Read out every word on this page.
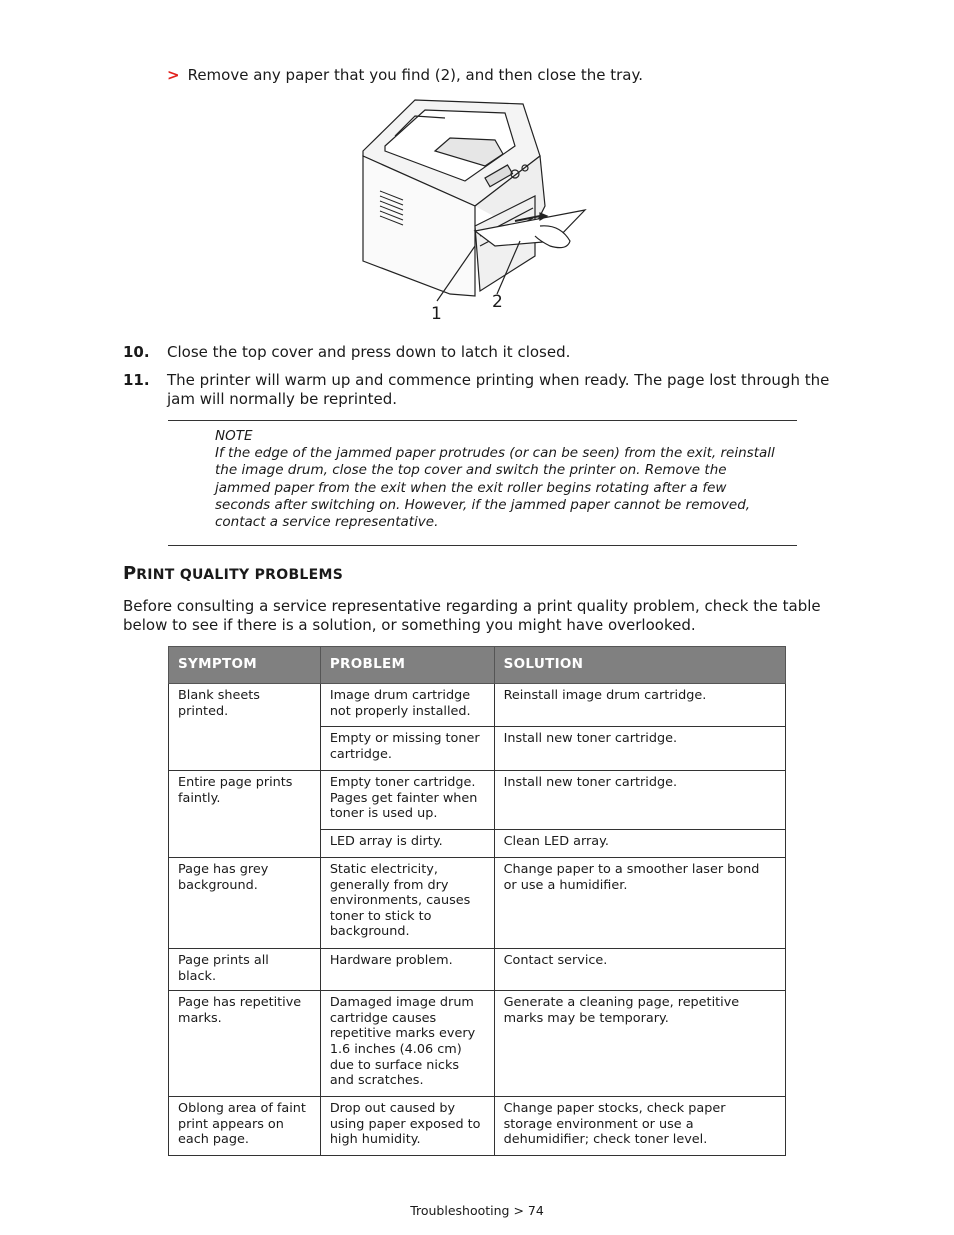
> Remove any paper that you find (2), and then close the tray.
1
2
10. Close the top cover and press down to latch it closed.
11. The printer will warm up and commence printing when ready. The page lost through the jam will normally be reprinted.
NOTE
If the edge of the jammed paper protrudes (or can be seen) from the exit, reinstall the image drum, close the top cover and switch the printer on. Remove the jammed paper from the exit when the exit roller begins rotating after a few seconds after switching on. However, if the jammed paper cannot be removed, contact a service representative.
PRINT QUALITY PROBLEMS
Before consulting a service representative regarding a print quality problem, check the table below to see if there is a solution, or something you might have overlooked.
SYMPTOM	PROBLEM	SOLUTION
Blank sheets printed.	Image drum cartridge not properly installed.	Reinstall image drum cartridge.
	Empty or missing toner cartridge.	Install new toner cartridge.
Entire page prints faintly.	Empty toner cartridge. Pages get fainter when toner is used up.	Install new toner cartridge.
	LED array is dirty.	Clean LED array.
Page has grey background.	Static electricity, generally from dry environments, causes toner to stick to background.	Change paper to a smoother laser bond or use a humidifier.
Page prints all black.	Hardware problem.	Contact service.
Page has repetitive marks.	Damaged image drum cartridge causes repetitive marks every 1.6 inches (4.06 cm) due to surface nicks and scratches.	Generate a cleaning page, repetitive marks may be temporary.
Oblong area of faint print appears on each page.	Drop out caused by using paper exposed to high humidity.	Change paper stocks, check paper storage environment or use a dehumidifier; check toner level.
Troubleshooting > 74
